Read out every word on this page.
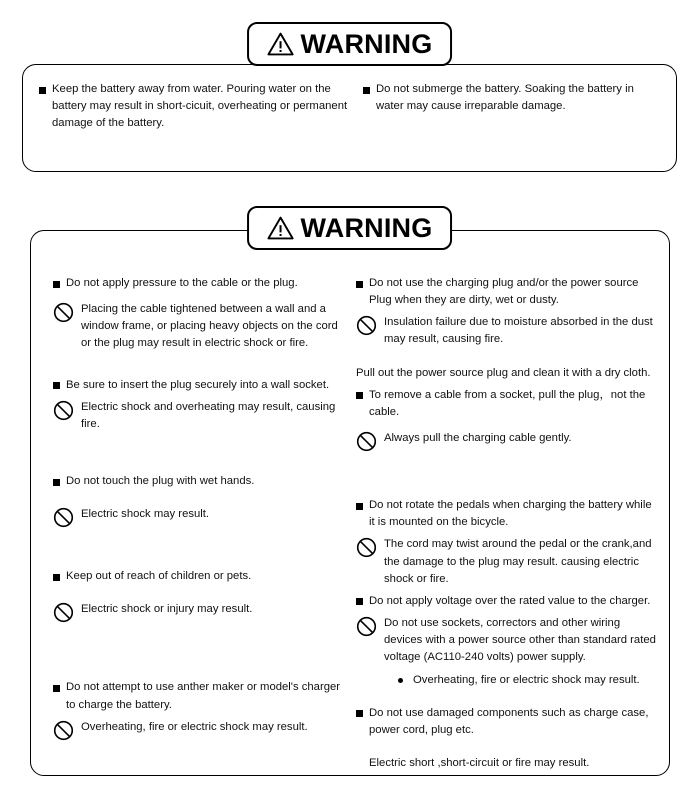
WARNING
Keep the battery away from water. Pouring water on the battery may result in short-cicuit, overheating or permanent damage of the battery.
Do not submerge the battery. Soaking the battery in water may cause irreparable damage.
WARNING
Do not apply pressure to the cable or the plug.
Placing the cable tightened between a wall and a window frame, or placing heavy objects on the cord or the plug may result in electric shock or fire.
Be sure to insert the plug securely into a wall socket.
Electric shock and overheating may result, causing fire.
Do not touch the plug with wet hands.
Electric shock may result.
Keep out of reach of children or pets.
Electric shock or injury may result.
Do not attempt to use anther maker or model's charger to charge the battery.
Overheating, fire or electric shock may result.
Do not use the charging plug and/or the power source Plug when they are dirty, wet or dusty.
Insulation failure due to moisture absorbed in the dust may result, causing fire.
Pull out the power source plug and clean it with a dry cloth.
To remove a cable from a socket, pull the plug，not the cable.
Always pull the charging cable gently.
Do not rotate the pedals when charging the battery while it is mounted on the bicycle.
The cord may twist around the pedal or the crank,and the damage to the plug may result. causing electric shock or fire.
Do not apply voltage over the rated value to the charger.
Do not use sockets, correctors and other wiring devices with a power source other than standard rated voltage (AC110-240 volts) power supply.
Overheating, fire or electric shock may result.
Do not use damaged components such as charge case, power cord, plug etc.
Electric short ,short-circuit or fire may result.
